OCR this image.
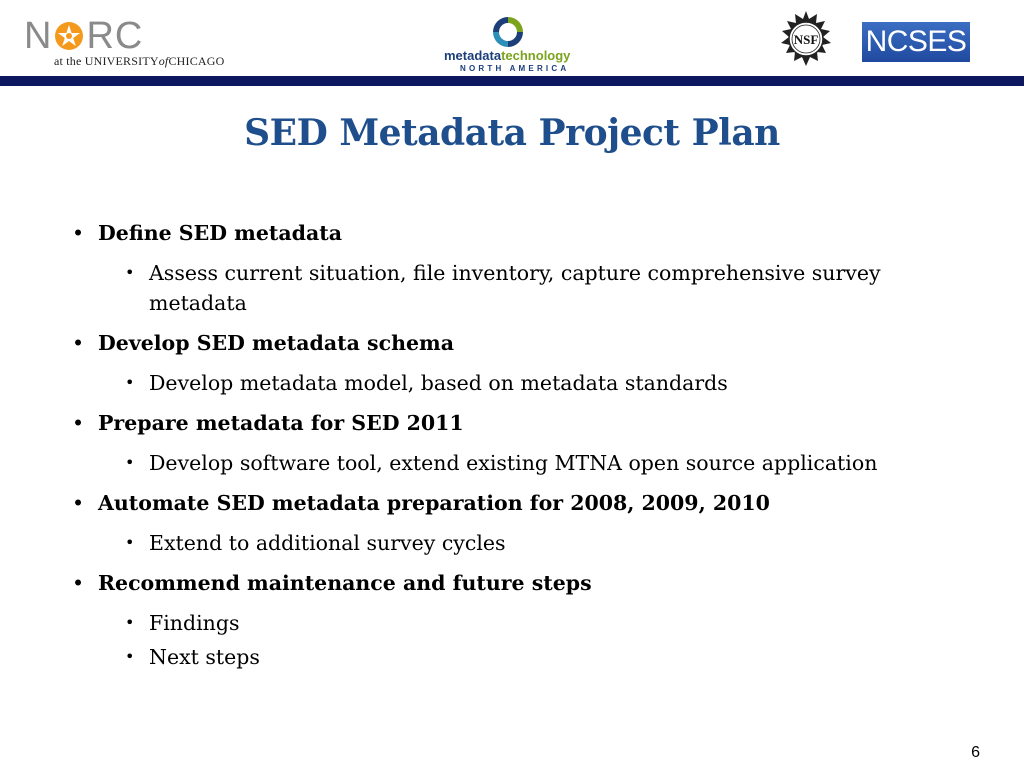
N RC
at the UNIVERSITYofCHICAGO	metadatatechnology
NORTH AMERICA
NSF NCSES
SED Metadata Project Plan

• Define SED metadata

• Assess current situation, file inventory, capture comprehensive survey metadata

• Develop SED metadata schema

• Develop metadata model, based on metadata standards

• Prepare metadata for SED 2011

• Develop software tool, extend existing MTNA open source application

• Automate SED metadata preparation for 2008, 2009, 2010

• Extend to additional survey cycles

• Recommend maintenance and future steps

• Findings

• Next steps

6
